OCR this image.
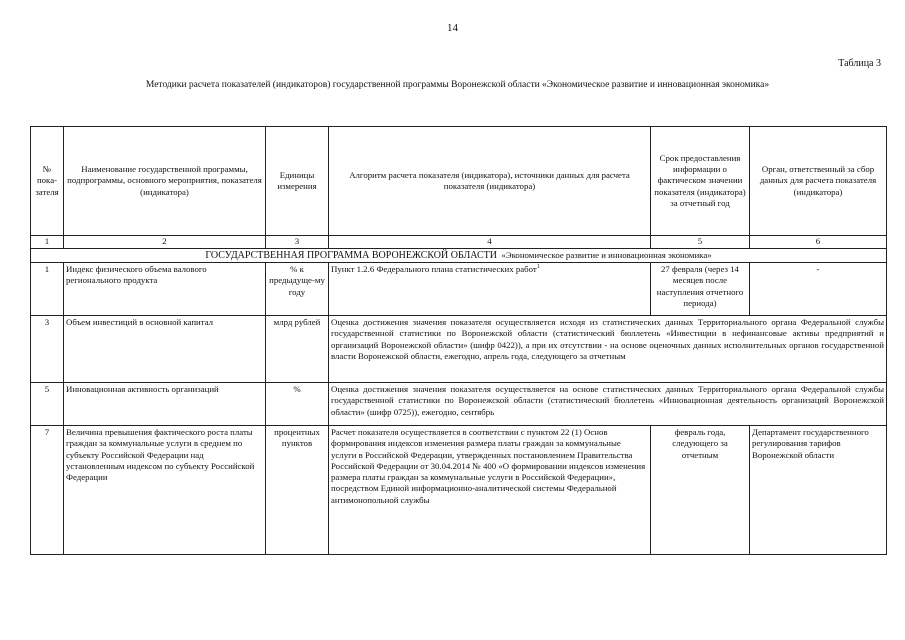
14
Таблица 3
Методики расчета показателей (индикаторов) государственной программы Воронежской области «Экономическое развитие и инновационная экономика»
№ пока-зателя	Наименование государственной программы, подпрограммы, основного мероприятия, показателя (индикатора)	Единицы измерения	Алгоритм расчета показателя (индикатора), источники данных для расчета показателя (индикатора)	Срок предоставления информации о фактическом значении показателя (индикатора) за отчетный год	Орган, ответственный за сбор данных для расчета показателя (индикатора)
1	2	3	4	5	6
ГОСУДАРСТВЕННАЯ ПРОГРАММА ВОРОНЕЖСКОЙ ОБЛАСТИ «Экономическое развитие и инновационная экономика»					
1	Индекс физического объема валового регионального продукта	% к предыдуще-му году	Пункт 1.2.6 Федерального плана статистических работ$^1$	27 февраля (через 14 месяцев после наступления отчетного периода)	-
3	Объем инвестиций в основной капитал	млрд рублей	Оценка достижения значения показателя осуществляется исходя из статистических данных Территориального органа Федеральной службы государственной статистики по Воронежской области (статистический бюллетень «Инвестиции в нефинансовые активы предприятий и организаций Воронежской области» (шифр 0422)), а при их отсутствии - на основе оценочных данных исполнительных органов государственной власти Воронежской области, ежегодно, апрель года, следующего за отчетным		
5	Инновационная активность организаций	%	Оценка достижения значения показателя осуществляется на основе статистических данных Территориального органа Федеральной службы государственной статистики по Воронежской области (статистический бюллетень «Инновационная деятельность организаций Воронежской области» (шифр 0725)), ежегодно, сентябрь		
7	Величина превышения фактического роста платы граждан за коммунальные услуги в среднем по субъекту Российской Федерации над установленным индексом по субъекту Российской Федерации	процентных пунктов	Расчет показателя осуществляется в соответствии с пунктом 22 (1) Основ формирования индексов изменения размера платы граждан за коммунальные услуги в Российской Федерации, утвержденных постановлением Правительства Российской Федерации от 30.04.2014 № 400 «О формировании индексов изменения размера платы граждан за коммунальные услуги в Российской Федерации», посредством Единой информационно-аналитической системы Федеральной антимонопольной службы	февраль года, следующего за отчетным	Департамент государственного регулирования тарифов Воронежской области
